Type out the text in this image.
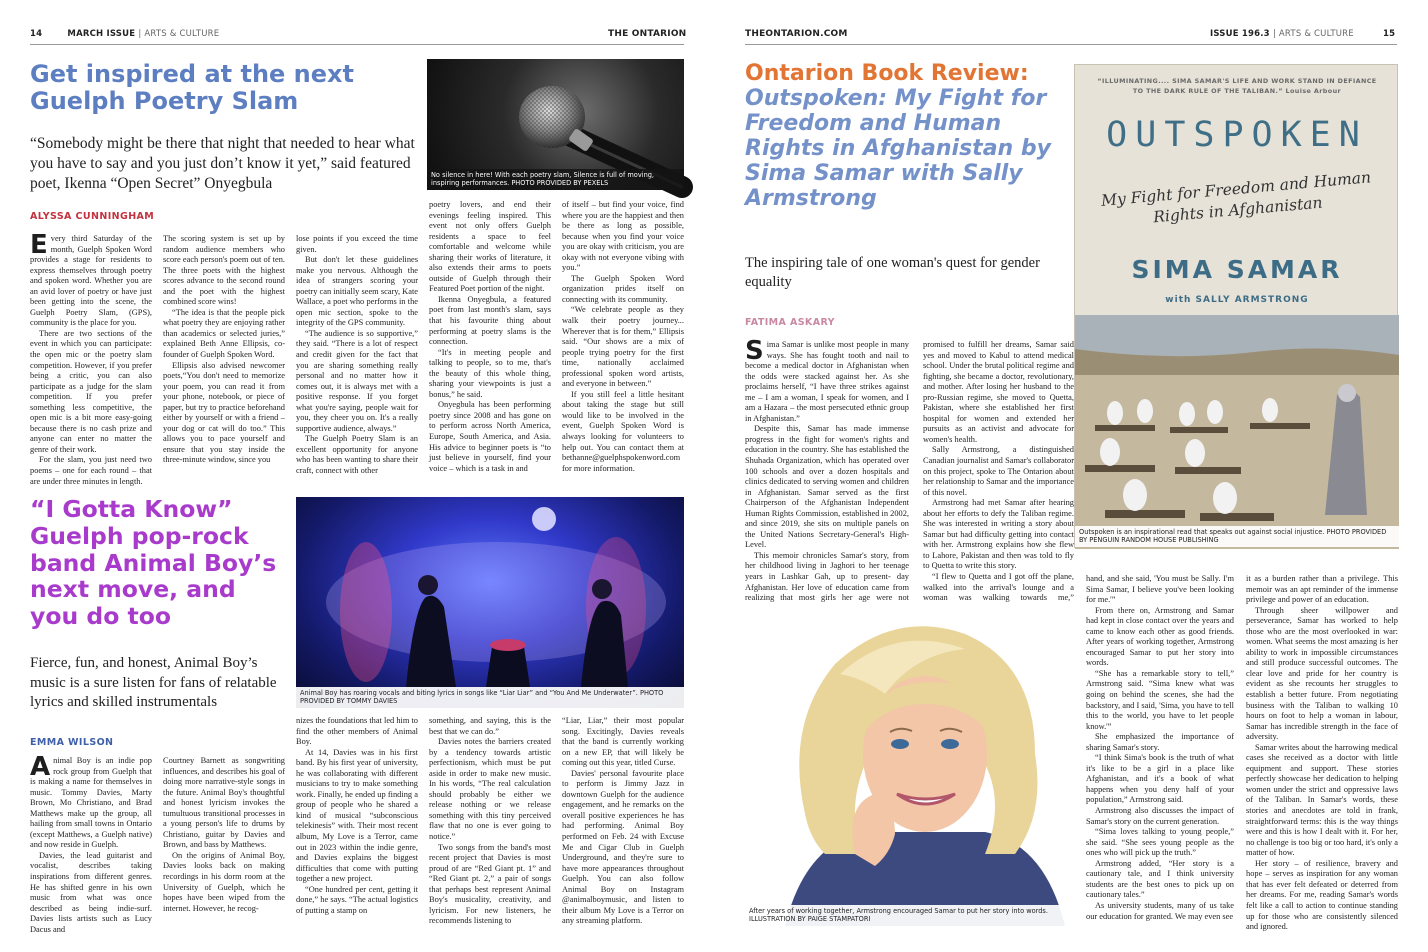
14	MARCH ISSUE | ARTS & CULTURE	THE ONTARION	THEONTARION.COM	ISSUE 196.3 | ARTS & CULTURE	15
Get inspired at the next Guelph Poetry Slam
“Somebody might be there that night that needed to hear what you have to say and you just don’t know it yet,” said featured poet, Ikenna “Open Secret” Onyegbula
No silence in here! With each poetry slam, Silence is full of moving, inspiring performances. PHOTO PROVIDED BY PEXELS
ALYSSA CUNNINGHAM

Every third Saturday of the month, Guelph Spoken Word provides a stage for residents to express themselves through poetry and spoken word. Whether you are an avid lover of poetry or have just been getting into the scene, the Guelph Poetry Slam, (GPS), community is the place for you.

There are two sections of the event in which you can participate: the open mic or the poetry slam competition. However, if you prefer being a critic, you can also participate as a judge for the slam competition. If you prefer something less competitive, the open mic is a bit more easy-going because there is no cash prize and anyone can enter no matter the genre of their work.

For the slam, you just need two poems – one for each round – that are under three minutes in length.

The scoring system is set up by random audience members who score each person's poem out of ten. The three poets with the highest scores advance to the second round and the poet with the highest combined score wins!

“The idea is that the people pick what poetry they are enjoying rather than academics or selected juries,” explained Beth Anne Ellipsis, co-founder of Guelph Spoken Word.

Ellipsis also advised newcomer poets,“You don't need to memorize your poem, you can read it from your phone, notebook, or piece of paper, but try to practice beforehand either by yourself or with a friend – your dog or cat will do too.” This allows you to pace yourself and ensure that you stay inside the three-minute window, since you

lose points if you exceed the time given.

But don't let these guidelines make you nervous. Although the idea of strangers scoring your poetry can initially seem scary, Kate Wallace, a poet who performs in the open mic section, spoke to the integrity of the GPS community.

“The audience is so supportive,” they said. “There is a lot of respect and credit given for the fact that you are sharing something really personal and no matter how it comes out, it is always met with a positive response. If you forget what you're saying, people wait for you, they cheer you on. It's a really supportive audience, always.”

The Guelph Poetry Slam is an excellent opportunity for anyone who has been wanting to share their craft, connect with other

poetry lovers, and end their evenings feeling inspired. This event not only offers Guelph residents a space to feel comfortable and welcome while sharing their works of literature, it also extends their arms to poets outside of Guelph through their Featured Poet portion of the night.

Ikenna Onyegbula, a featured poet from last month's slam, says that his favourite thing about performing at poetry slams is the connection.

“It's in meeting people and talking to people, so to me, that's the beauty of this whole thing, sharing your viewpoints is just a bonus,” he said.

Onyegbula has been performing poetry since 2008 and has gone on to perform across North America, Europe, South America, and Asia. His advice to beginner poets is “to just believe in yourself, find your voice – which is a task in and

of itself – but find your voice, find where you are the happiest and then be there as long as possible, because when you find your voice you are okay with criticism, you are okay with not everyone vibing with you.”

The Guelph Spoken Word organization prides itself on connecting with its community.

“We celebrate people as they walk their poetry journey... Wherever that is for them,” Ellipsis said. “Our shows are a mix of people trying poetry for the first time, nationally acclaimed professional spoken word artists, and everyone in between.”

If you still feel a little hesitant about taking the stage but still would like to be involved in the event, Guelph Spoken Word is always looking for volunteers to help out. You can contact them at bethanne@guelphspokenword.com for more information.

“I Gotta Know” Guelph pop-rock band Animal Boy’s next move, and you do too
Fierce, fun, and honest, Animal Boy’s music is a sure listen for fans of relatable lyrics and skilled instrumentals
EMMA WILSON
Animal Boy has roaring vocals and biting lyrics in songs like “Liar Liar” and “You And Me Underwater”. PHOTO PROVIDED BY TOMMY DAVIES

Animal Boy is an indie pop rock group from Guelph that is making a name for themselves in music. Tommy Davies, Marty Brown, Mo Christiano, and Brad Matthews make up the group, all hailing from small towns in Ontario (except Matthews, a Guelph native) and now reside in Guelph.

Davies, the lead guitarist and vocalist, describes taking inspirations from different genres. He has shifted genre in his own music from what was once described as being indie-surf. Davies lists artists such as Lucy Dacus and

Courtney Barnett as songwriting influences, and describes his goal of doing more narrative-style songs in the future. Animal Boy's thoughtful and honest lyricism invokes the tumultuous transitional processes in a young person's life to drums by Christiano, guitar by Davies and Brown, and bass by Matthews.

On the origins of Animal Boy, Davies looks back on making recordings in his dorm room at the University of Guelph, which he hopes have been wiped from the internet. However, he recog-

nizes the foundations that led him to find the other members of Animal Boy.

At 14, Davies was in his first band. By his first year of university, he was collaborating with different musicians to try to make something work. Finally, he ended up finding a group of people who he shared a kind of musical “subconscious telekinesis” with. Their most recent album, My Love is a Terror, came out in 2023 within the indie genre, and Davies explains the biggest difficulties that come with putting together a new project.

“One hundred per cent, getting it done,” he says. “The actual logistics of putting a stamp on

something, and saying, this is the best that we can do.”

Davies notes the barriers created by a tendency towards artistic perfectionism, which must be put aside in order to make new music. In his words, “The real calculation should probably be either we release nothing or we release something with this tiny perceived flaw that no one is ever going to notice.”

Two songs from the band's most recent project that Davies is most proud of are “Red Giant pt. 1” and “Red Giant pt. 2,” a pair of songs that perhaps best represent Animal Boy's musicality, creativity, and lyricism. For new listeners, he recommends listening to

“Liar, Liar,” their most popular song. Excitingly, Davies reveals that the band is currently working on a new EP, that will likely be coming out this year, titled Curse.

Davies' personal favourite place to perform is Jimmy Jazz in downtown Guelph for the audience engagement, and he remarks on the overall positive experiences he has had performing. Animal Boy performed on Feb. 24 with Excuse Me and Cigar Club in Guelph Underground, and they're sure to have more appearances throughout Guelph. You can also follow Animal Boy on Instagram @animalboymusic, and listen to their album My Love is a Terror on any streaming platform.

Ontarion Book Review:
Outspoken: My Fight for Freedom and Human Rights in Afghanistan by Sima Samar with Sally Armstrong
The inspiring tale of one woman's quest for gender equality
FATIMA ASKARY
“ILLUMINATING.... SIMA SAMAR'S LIFE AND WORK STAND IN DEFIANCE TO THE DARK RULE OF THE TALIBAN.” Louise Arbour
OUTSPOKEN
My Fight for Freedom and Human Rights in Afghanistan
SIMA SAMAR
with SALLY ARMSTRONG
Outspoken is an inspirational read that speaks out against social injustice. PHOTO PROVIDED BY PENGUIN RANDOM HOUSE PUBLISHING

Sima Samar is unlike most people in many ways. She has fought tooth and nail to become a medical doctor in Afghanistan when the odds were stacked against her. As she proclaims herself, “I have three strikes against me – I am a woman, I speak for women, and I am a Hazara – the most persecuted ethnic group in Afghanistan.”

Despite this, Samar has made immense progress in the fight for women's rights and education in the country. She has established the Shuhada Organization, which has operated over 100 schools and over a dozen hospitals and clinics dedicated to serving women and children in Afghanistan. Samar served as the first Chairperson of the Afghanistan Independent Human Rights Commission, established in 2002, and since 2019, she sits on multiple panels on the United Nations Secretary-General's High-Level.

This memoir chronicles Samar's story, from her childhood living in Jaghori to her teenage years in Lashkar Gah, up to present- day Afghanistan. Her love of education came from realizing that most girls her age were not

promised to fulfill her dreams, Samar said yes and moved to Kabul to attend medical school. Under the brutal political regime and fighting, she became a doctor, revolutionary, and mother. After losing her husband to the pro-Russian regime, she moved to Quetta, Pakistan, where she established her first hospital for women and extended her pursuits as an activist and advocate for women's health.

Sally Armstrong, a distinguished Canadian journalist and Samar's collaborator on this project, spoke to The Ontarion about her relationship to Samar and the importance of this novel.

Armstrong had met Samar after hearing about her efforts to defy the Taliban regime. She was interested in writing a story about Samar but had difficulty getting into contact with her. Armstrong explains how she flew to Lahore, Pakistan and then was told to fly to Quetta to write this story.

“I flew to Quetta and I got off the plane, walked into the arrival's lounge and a woman was walking towards me,”

hand, and she said, 'You must be Sally. I'm Sima Samar, I believe you've been looking for me.'”

From there on, Armstrong and Samar had kept in close contact over the years and came to know each other as good friends. After years of working together, Armstrong encouraged Samar to put her story into words.

“She has a remarkable story to tell,” Armstrong said. “Sima knew what was going on behind the scenes, she had the backstory, and I said, 'Sima, you have to tell this to the world, you have to let people know.'”

She emphasized the importance of sharing Samar's story.

“I think Sima's book is the truth of what it's like to be a girl in a place like Afghanistan, and it's a book of what happens when you deny half of your population,” Armstrong said.

Armstrong also discusses the impact of Samar's story on the current generation.

“Sima loves talking to young people,” she said. “She sees young people as the ones who will pick up the truth.”

Armstrong added, “Her story is a cautionary tale, and I think university students are the best ones to pick up on cautionary tales.”

As university students, many of us take our education for granted. We may even see

it as a burden rather than a privilege. This memoir was an apt reminder of the immense privilege and power of an education.

Through sheer willpower and perseverance, Samar has worked to help those who are the most overlooked in war: women. What seems the most amazing is her ability to work in impossible circumstances and still produce successful outcomes. The clear love and pride for her country is evident as she recounts her struggles to establish a better future. From negotiating business with the Taliban to walking 10 hours on foot to help a woman in labour, Samar has incredible strength in the face of adversity.

Samar writes about the harrowing medical cases she received as a doctor with little equipment and support. These stories perfectly showcase her dedication to helping women under the strict and oppressive laws of the Taliban. In Samar's words, these stories and anecdotes are told in frank, straightforward terms: this is the way things were and this is how I dealt with it. For her, no challenge is too big or too hard, it's only a matter of how.

Her story – of resilience, bravery and hope – serves as inspiration for any woman that has ever felt defeated or deterred from her dreams. For me, reading Samar's words felt like a call to action to continue standing up for those who are consistently silenced and ignored.

After years of working together, Armstrong encouraged Samar to put her story into words. ILLUSTRATION BY PAIGE STAMPATORI
